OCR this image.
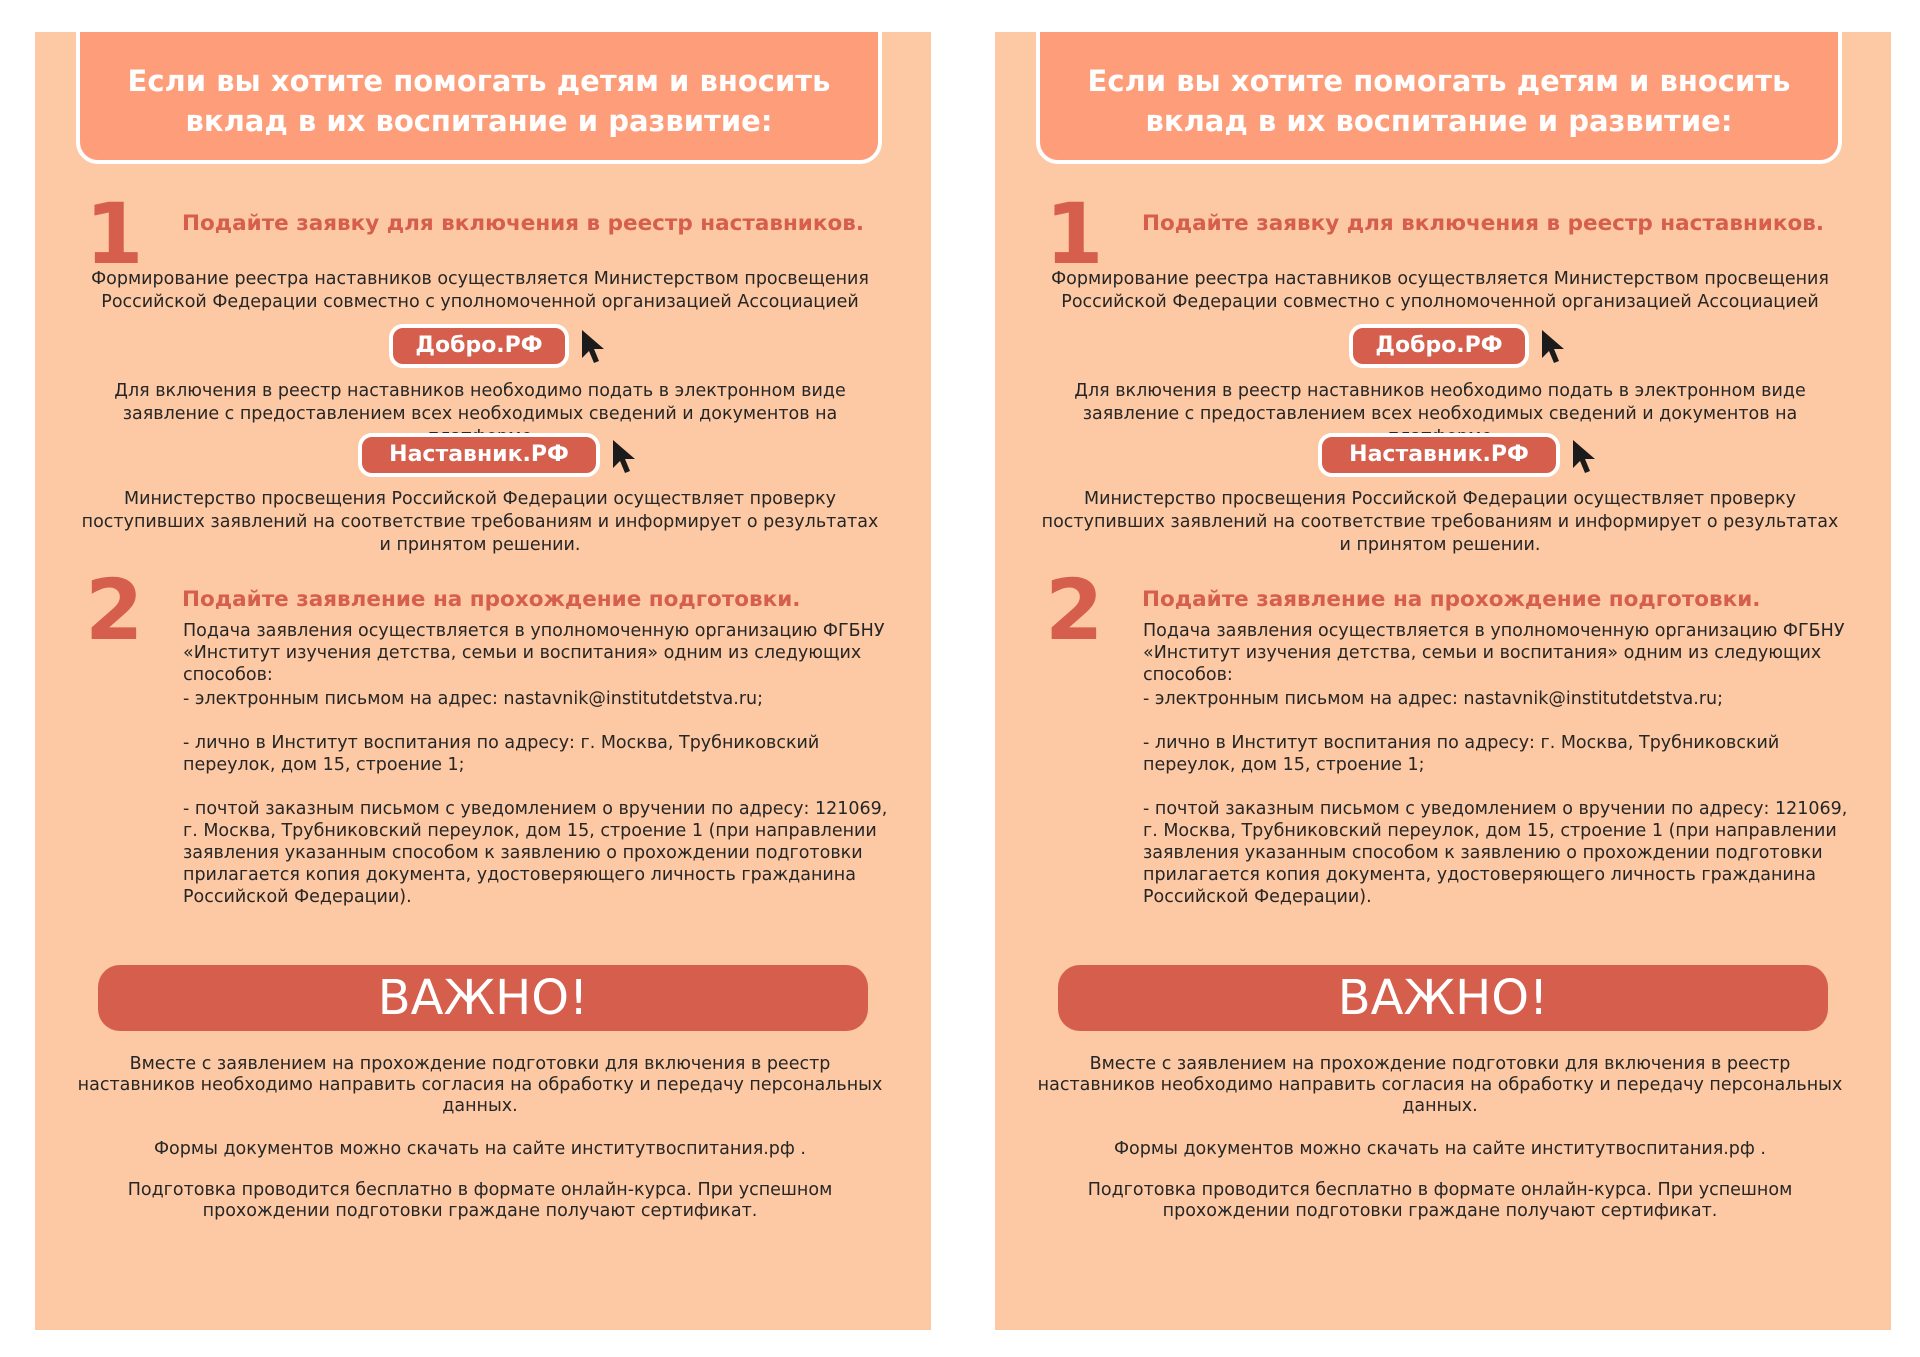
Если вы хотите помогать детям и вносить вклад в их воспитание и развитие:
1 Подайте заявку для включения в реестр наставников.
Формирование реестра наставников осуществляется Министерством просвещения Российской Федерации совместно с уполномоченной организацией Ассоциацией
Добро.РФ
Для включения в реестр наставников необходимо подать в электронном виде заявление с предоставлением всех необходимых сведений и документов на
Наставник.РФ
Министерство просвещения Российской Федерации осуществляет проверку поступивших заявлений на соответствие требованиям и информирует о результатах и принятом решении.
2 Подайте заявление на прохождение подготовки.
Подача заявления осуществляется в уполномоченную организацию ФГБНУ «Институт изучения детства, семьи и воспитания» одним из следующих способов:
- электронным письмом на адрес: nastavnik@institutdetstva.ru;
- лично в Институт воспитания по адресу: г. Москва, Трубниковский переулок, дом 15, строение 1;
- почтой заказным письмом с уведомлением о вручении по адресу: 121069, г. Москва, Трубниковский переулок, дом 15, строение 1 (при направлении заявления указанным способом к заявлению о прохождении подготовки прилагается копия документа, удостоверяющего личность гражданина Российской Федерации).
ВАЖНО!
Вместе с заявлением на прохождение подготовки для включения в реестр наставников необходимо направить согласия на обработку и передачу персональных данных.
Формы документов можно скачать на сайте институтвоспитания.рф .
Подготовка проводится бесплатно в формате онлайн-курса. При успешном прохождении подготовки граждане получают сертификат.
Если вы хотите помогать детям и вносить вклад в их воспитание и развитие:
1 Подайте заявку для включения в реестр наставников.
Формирование реестра наставников осуществляется Министерством просвещения Российской Федерации совместно с уполномоченной организацией Ассоциацией
Добро.РФ
Для включения в реестр наставников необходимо подать в электронном виде заявление с предоставлением всех необходимых сведений и документов на
Наставник.РФ
Министерство просвещения Российской Федерации осуществляет проверку поступивших заявлений на соответствие требованиям и информирует о результатах и принятом решении.
2 Подайте заявление на прохождение подготовки.
Подача заявления осуществляется в уполномоченную организацию ФГБНУ «Институт изучения детства, семьи и воспитания» одним из следующих способов:
- электронным письмом на адрес: nastavnik@institutdetstva.ru;
- лично в Институт воспитания по адресу: г. Москва, Трубниковский переулок, дом 15, строение 1;
- почтой заказным письмом с уведомлением о вручении по адресу: 121069, г. Москва, Трубниковский переулок, дом 15, строение 1 (при направлении заявления указанным способом к заявлению о прохождении подготовки прилагается копия документа, удостоверяющего личность гражданина Российской Федерации).
ВАЖНО!
Вместе с заявлением на прохождение подготовки для включения в реестр наставников необходимо направить согласия на обработку и передачу персональных данных.
Формы документов можно скачать на сайте институтвоспитания.рф .
Подготовка проводится бесплатно в формате онлайн-курса. При успешном прохождении подготовки граждане получают сертификат.
